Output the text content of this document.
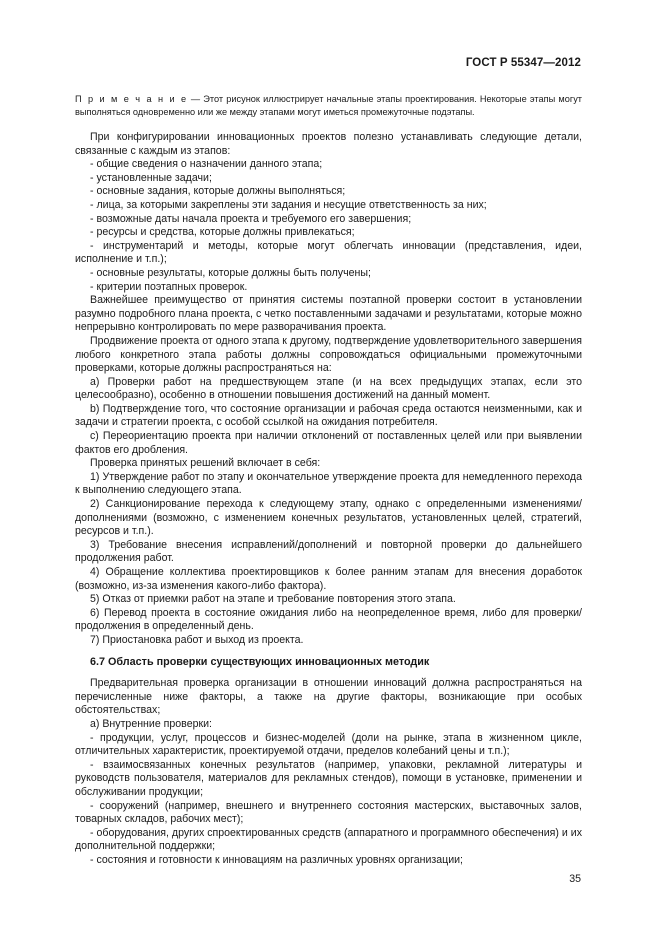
ГОСТ Р 55347—2012

П р и м е ч а н и е — Этот рисунок иллюстрирует начальные этапы проектирования. Некоторые этапы могут выполняться одновременно или же между этапами могут иметься промежуточные подэтапы.

При конфигурировании инновационных проектов полезно устанавливать следующие детали, связанные с каждым из этапов:

- общие сведения о назначении данного этапа;

- установленные задачи;

- основные задания, которые должны выполняться;

- лица, за которыми закреплены эти задания и несущие ответственность за них;

- возможные даты начала проекта и требуемого его завершения;

- ресурсы и средства, которые должны привлекаться;

- инструментарий и методы, которые могут облегчать инновации (представления, идеи, исполнение и т.п.);

- основные результаты, которые должны быть получены;

- критерии поэтапных проверок.

Важнейшее преимущество от принятия системы поэтапной проверки состоит в установлении разумно подробного плана проекта, с четко поставленными задачами и результатами, которые можно непрерывно контролировать по мере разворачивания проекта.

Продвижение проекта от одного этапа к другому, подтверждение удовлетворительного завершения любого конкретного этапа работы должны сопровождаться официальными промежуточными проверками, которые должны распространяться на:

a) Проверки работ на предшествующем этапе (и на всех предыдущих этапах, если это целесообразно), особенно в отношении повышения достижений на данный момент.

b) Подтверждение того, что состояние организации и рабочая среда остаются неизменными, как и задачи и стратегии проекта, с особой ссылкой на ожидания потребителя.

c) Переориентацию проекта при наличии отклонений от поставленных целей или при выявлении фактов его дробления.

Проверка принятых решений включает в себя:

1) Утверждение работ по этапу и окончательное утверждение проекта для немедленного перехода к выполнению следующего этапа.

2) Санкционирование перехода к следующему этапу, однако с определенными изменениями/дополнениями (возможно, с изменением конечных результатов, установленных целей, стратегий, ресурсов и т.п.).

3) Требование внесения исправлений/дополнений и повторной проверки до дальнейшего продолжения работ.

4) Обращение коллектива проектировщиков к более ранним этапам для внесения доработок (возможно, из-за изменения какого-либо фактора).

5) Отказ от приемки работ на этапе и требование повторения этого этапа.

6) Перевод проекта в состояние ожидания либо на неопределенное время, либо для проверки/продолжения в определенный день.

7) Приостановка работ и выход из проекта.

6.7 Область проверки существующих инновационных методик

Предварительная проверка организации в отношении инноваций должна распространяться на перечисленные ниже факторы, а также на другие факторы, возникающие при особых обстоятельствах;

a) Внутренние проверки:

- продукции, услуг, процессов и бизнес-моделей (доли на рынке, этапа в жизненном цикле, отличительных характеристик, проектируемой отдачи, пределов колебаний цены и т.п.);

- взаимосвязанных конечных результатов (например, упаковки, рекламной литературы и руководств пользователя, материалов для рекламных стендов), помощи в установке, применении и обслуживании продукции;

- сооружений (например, внешнего и внутреннего состояния мастерских, выставочных залов, товарных складов, рабочих мест);

- оборудования, других спроектированных средств (аппаратного и программного обеспечения) и их дополнительной поддержки;

- состояния и готовности к инновациям на различных уровнях организации;

35
